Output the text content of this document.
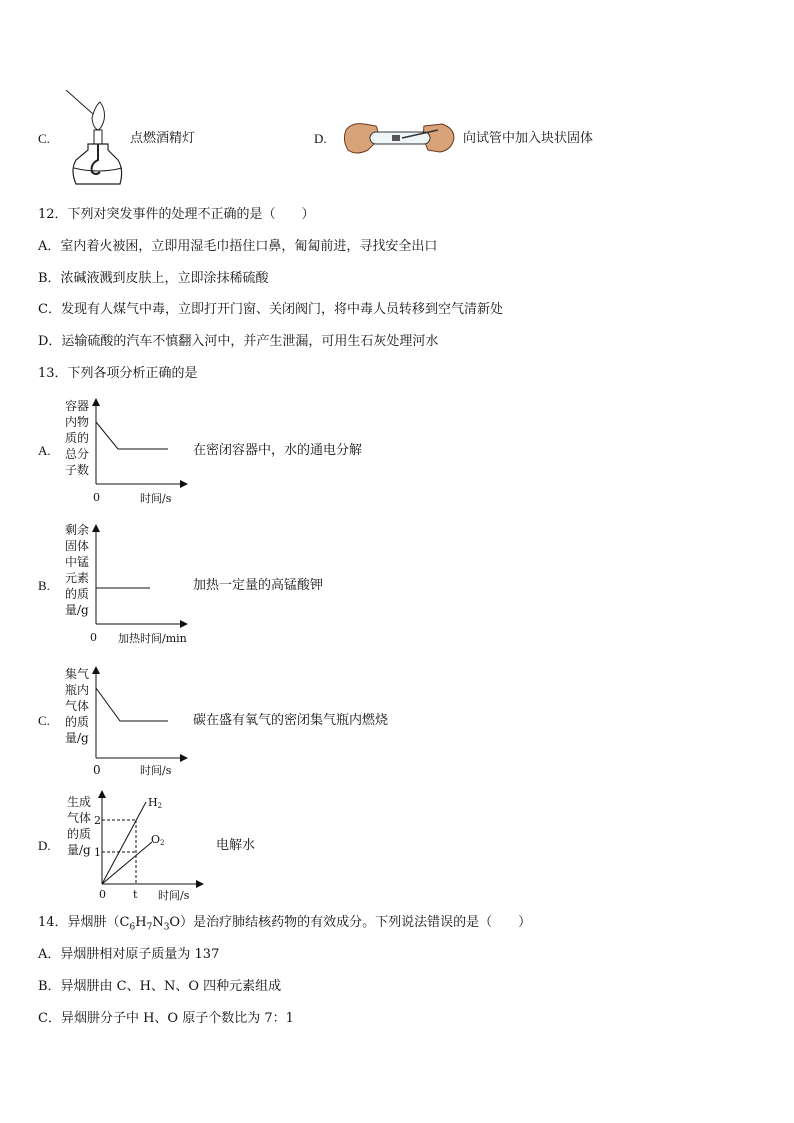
C.	点燃酒精灯	D.	向试管中加入块状固体
12．下列对突发事件的处理不正确的是（　　）
A．室内着火被困，立即用湿毛巾捂住口鼻，匍匐前进，寻找安全出口
B．浓碱液溅到皮肤上，立即涂抹稀硫酸
C．发现有人煤气中毒，立即打开门窗、关闭阀门，将中毒人员转移到空气清新处
D．运输硫酸的汽车不慎翻入河中，并产生泄漏，可用生石灰处理河水
13．下列各项分析正确的是
A.
容器
内物
质的
总分
子数
0	时间/s
在密闭容器中，水的通电分解
B.
剩余
固体
中锰
元素
的质
量/g
0 加热时间/min
加热一定量的高锰酸钾
C.
集气
瓶内
气体
的质
量/g
0	时间/s
碳在盛有氧气的密闭集气瓶内燃烧
D.
生成
气体
的质
量/g
H2
O2
2
1
0 t 时间/s
电解水
14．异烟肼$(C_6H_7N_3O)$是治疗肺结核药物的有效成分。下列说法错误的是（　　）
A．异烟肼相对原子质量为 137
B．异烟肼由 C、H、N、O 四种元素组成
C．异烟肼分子中 H、O 原子个数比为 7：1
